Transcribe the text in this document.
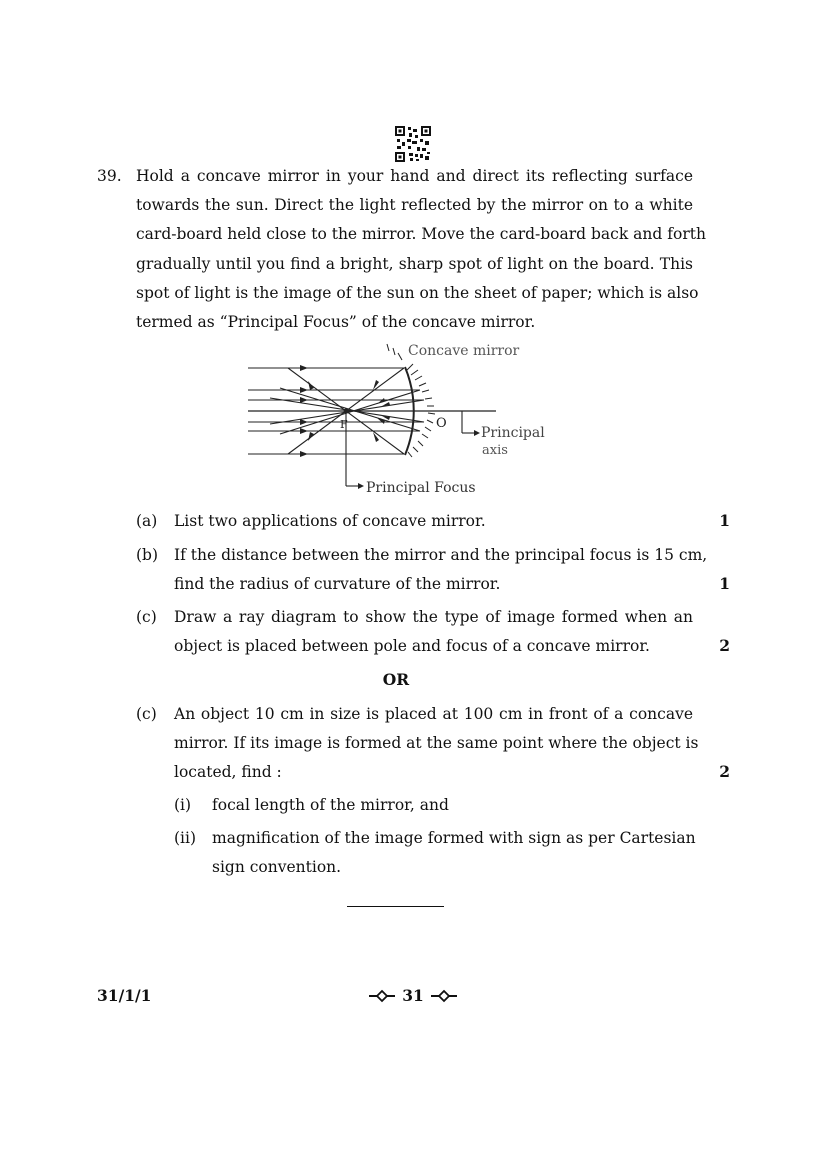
39. Hold a concave mirror in your hand and direct its reflecting surface
towards the sun. Direct the light reflected by the mirror on to a white
card-board held close to the mirror. Move the card-board back and forth
gradually until you find a bright, sharp spot of light on the board. This
spot of light is the image of the sun on the sheet of paper; which is also
termed as “Principal Focus” of the concave mirror.
F	O
Principal Focus
Principal
axis
Concave mirror
(a) List two applications of concave mirror.	1
(b) If the distance between the mirror and the principal focus is 15 cm,
find the radius of curvature of the mirror.	1
(c) Draw a ray diagram to show the type of image formed when an
object is placed between pole and focus of a concave mirror.	2
OR
(c) An object 10 cm in size is placed at 100 cm in front of a concave
mirror. If its image is formed at the same point where the object is
located, find :	2
(i) focal length of the mirror, and
(ii) magnification of the image formed with sign as per Cartesian
sign convention.
31/1/1	31
